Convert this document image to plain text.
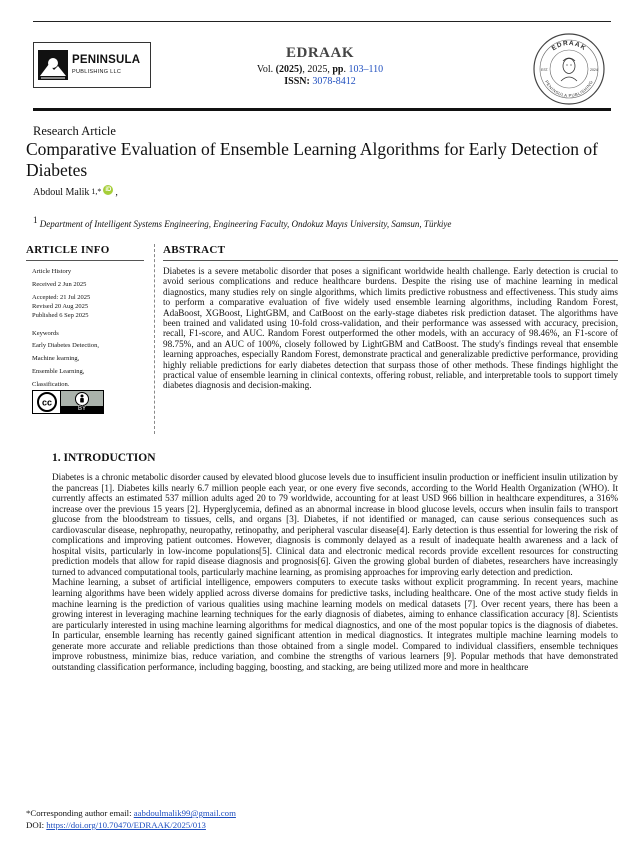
PENINSULA
PUBLISHING LLC
EDRAAK
Vol. (2025), 2025, pp. 103–110
ISSN: 3078-8412
EDRAAK
PENINSULA PUBLISHING
EST.	2024
Research Article
Comparative Evaluation of Ensemble Learning Algorithms for Early Detection of Diabetes
Abdoul Malik 1,* iD ,
$^1$ Department of Intelligent Systems Engineering, Engineering Faculty, Ondokuz Mayıs University, Samsun, Türkiye
ARTICLE INFO
Article History
Received 2 Jun 2025
Accepted: 21 Jul 2025
Revised 20 Aug 2025
Published 6 Sep 2025
Keywords
Early Diabetes Detection,
Machine learning,
Ensemble Learning,
Classification.
cc
BY
ABSTRACT
Diabetes is a severe metabolic disorder that poses a significant worldwide health challenge. Early detection is crucial to avoid serious complications and reduce healthcare burdens. Despite the rising use of machine learning in medical diagnostics, many studies rely on single algorithms, which limits predictive robustness and effectiveness. This study aims to perform a comparative evaluation of five widely used ensemble learning algorithms, including Random Forest, AdaBoost, XGBoost, LightGBM, and CatBoost on the early-stage diabetes risk prediction dataset. The algorithms have been trained and validated using 10-fold cross-validation, and their performance was assessed with accuracy, precision, recall, F1-score, and AUC. Random Forest outperformed the other models, with an accuracy of 98.46%, an F1-score of 98.75%, and an AUC of 100%, closely followed by LightGBM and CatBoost. The study's findings reveal that ensemble learning approaches, especially Random Forest, demonstrate practical and generalizable predictive performance, providing highly reliable predictions for early diabetes detection that surpass those of other methods. These findings highlight the practical value of ensemble learning in clinical contexts, offering robust, reliable, and interpretable tools to support timely diabetes diagnosis and decision-making.
1. INTRODUCTION

Diabetes is a chronic metabolic disorder caused by elevated blood glucose levels due to insufficient insulin production or inefficient insulin utilization by the pancreas [1]. Diabetes kills nearly 6.7 million people each year, or one every five seconds, according to the World Health Organization (WHO). It currently affects an estimated 537 million adults aged 20 to 79 worldwide, accounting for at least USD 966 billion in healthcare expenditures, a 316% increase over the previous 15 years [2]. Hyperglycemia, defined as an abnormal increase in blood glucose levels, occurs when insulin fails to transport glucose from the bloodstream to tissues, cells, and organs [3]. Diabetes, if not identified or managed, can cause serious consequences such as cardiovascular disease, nephropathy, neuropathy, retinopathy, and peripheral vascular disease[4]. Early detection is thus essential for lowering the risk of complications and improving patient outcomes. However, diagnosis is commonly delayed as a result of inadequate health awareness and a lack of hospital visits, particularly in low-income populations[5]. Clinical data and electronic medical records provide excellent resources for constructing prediction models that allow for rapid disease diagnosis and prognosis[6]. Given the growing global burden of diabetes, researchers have increasingly turned to advanced computational tools, particularly machine learning, as promising approaches for improving early detection and prediction.

Machine learning, a subset of artificial intelligence, empowers computers to execute tasks without explicit programming. In recent years, machine learning algorithms have been widely applied across diverse domains for predictive tasks, including healthcare. One of the most active study fields in machine learning is the prediction of various qualities using machine learning models on medical datasets [7]. Over recent years, there has been a growing interest in leveraging machine learning techniques for the early diagnosis of diabetes, aiming to enhance classification accuracy [8]. Scientists are particularly interested in using machine learning algorithms for medical diagnostics, and one of the most popular topics is the diagnosis of diabetes. In particular, ensemble learning has recently gained significant attention in medical diagnostics. It integrates multiple machine learning models to generate more accurate and reliable predictions than those obtained from a single model. Compared to individual classifiers, ensemble techniques improve robustness, minimize bias, reduce variation, and combine the strengths of various learners [9]. Popular methods that have demonstrated outstanding classification performance, including bagging, boosting, and stacking, are being utilized more and more in healthcare

*Corresponding author email: aabdoulmalik99@gmail.com
DOI: https://doi.org/10.70470/EDRAAK/2025/013
